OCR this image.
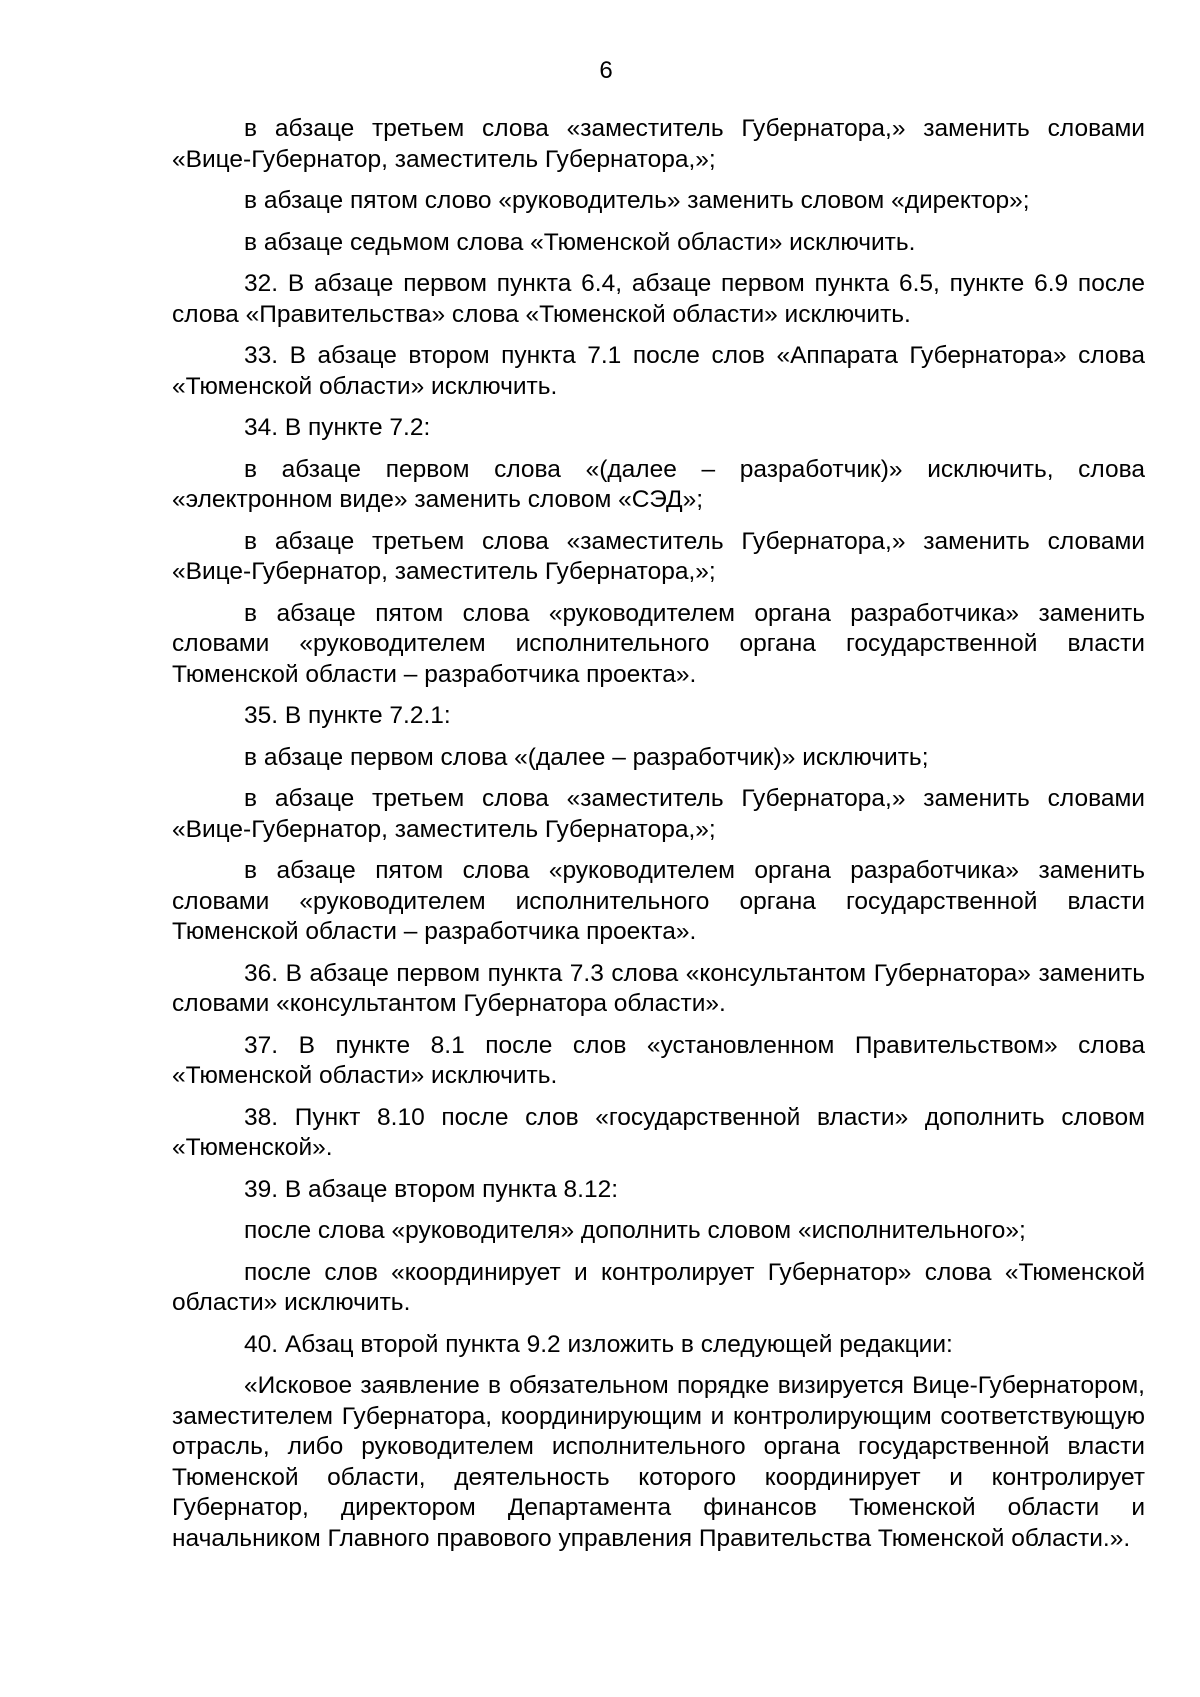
6

в абзаце третьем слова «заместитель Губернатора,» заменить словами «Вице-Губернатор, заместитель Губернатора,»;

в абзаце пятом слово «руководитель» заменить словом «директор»;

в абзаце седьмом слова «Тюменской области» исключить.

32. В абзаце первом пункта 6.4, абзаце первом пункта 6.5, пункте 6.9 после слова «Правительства» слова «Тюменской области» исключить.

33. В абзаце втором пункта 7.1 после слов «Аппарата Губернатора» слова «Тюменской области» исключить.

34. В пункте 7.2:

в абзаце первом слова «(далее – разработчик)» исключить, слова «электронном виде» заменить словом «СЭД»;

в абзаце третьем слова «заместитель Губернатора,» заменить словами «Вице-Губернатор, заместитель Губернатора,»;

в абзаце пятом слова «руководителем органа разработчика» заменить словами «руководителем исполнительного органа государственной власти Тюменской области – разработчика проекта».

35. В пункте 7.2.1:

в абзаце первом слова «(далее – разработчик)» исключить;

в абзаце третьем слова «заместитель Губернатора,» заменить словами «Вице-Губернатор, заместитель Губернатора,»;

в абзаце пятом слова «руководителем органа разработчика» заменить словами «руководителем исполнительного органа государственной власти Тюменской области – разработчика проекта».

36. В абзаце первом пункта 7.3 слова «консультантом Губернатора» заменить словами «консультантом Губернатора области».

37. В пункте 8.1 после слов «установленном Правительством» слова «Тюменской области» исключить.

38. Пункт 8.10 после слов «государственной власти» дополнить словом «Тюменской».

39. В абзаце втором пункта 8.12:

после слова «руководителя» дополнить словом «исполнительного»;

после слов «координирует и контролирует Губернатор» слова «Тюменской области» исключить.

40. Абзац второй пункта 9.2 изложить в следующей редакции:

«Исковое заявление в обязательном порядке визируется Вице-Губернатором, заместителем Губернатора, координирующим и контролирующим соответствующую отрасль, либо руководителем исполнительного органа государственной власти Тюменской области, деятельность которого координирует и контролирует Губернатор, директором Департамента финансов Тюменской области и начальником Главного правового управления Правительства Тюменской области.».
